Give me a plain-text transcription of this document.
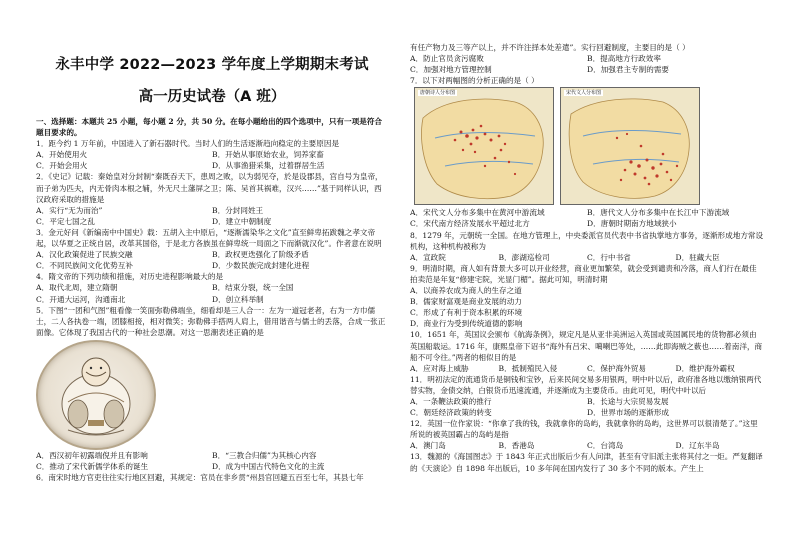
永丰中学 2022—2023 学年度上学期期末考试
高一历史试卷（A 班）

一、选择题：本题共 25 小题，每小题 2 分，共 50 分。在每小题给出的四个选项中，只有一项是符合题目要求的。

1．距今约 1 万年前，中国进入了新石器时代。当时人们的生活逐渐趋向稳定的主要原因是

A．开始使用火	B．开始从事原始农业，饲养家畜
C．开始会用火	D．从事渔猎采集，过着群居生活

2．《史记》记载：秦始皇对分封制“秦既吞天下，患周之败，以为弱见夺，於是设郡县，宫自号为皇帝，而子弟为匹夫，内无骨肉本根之辅，外无尺土藩屏之卫；陈、吴首其祸难，汉兴……”基于同样认识，西汉政府采取的措施是

A．实行“无为而治”	B．分封同姓王
C．平定七国之乱	D．建立中朝制度

3．金元好问《新编南中中国史》载：五胡入主中原后，“逐渐濡染华之文化”直至鲜卑拓跋魏之孝文帝起，以华夏之正统自居，改革其国俗，于是北方各族虽在鲜卑统一局面之下而渐就汉化”。作者意在说明

A．汉化政策促进了民族交融	B．政权更迭强化了阶级矛盾
C．不同民族间文化优势互补	D．少数民族完成封建化进程

4．隋文帝的下列功绩和措施，对历史进程影响最大的是

A．取代北周，建立隋朝	B．结束分裂，统一全国
C．开通大运河，沟通南北	D．创立科举制

5．下图“一团和气图”粗看像一笑面弥勒佛端坐，细看却是三人合一：左为一道冠老者，右为一方巾儒士，二人各执卷一端，团膝相接，相对微笑；弥勒佛手搭两人肩上，借用谐音与儒士的丢落，合成一张正面像。它体现了我国古代的一种社会思潮。对这一思潮表述正确的是

A．西汉初年初露端倪并且有影响	B．“三教合归儒”为其核心内容
C．推动了宋代新儒学体系的诞生	D．成为中国古代特色文化的主流

6．南宋时地方官吏往往实行地区回避，其规定：官员在非乡贯“州县官回避五百至七年，其县七年

有任产物力及三等产以上，并不许注择本处差遣”。实行回避制度，主要目的是（ ）

A．防止官员贪污腐败	B．提高地方行政效率
C．加强对地方管理控制	D．加强君主专制的需要

7．以下对两幅图的分析正确的是（ ）

唐朝诗人分布图	宋代文人分布图
A．宋代文人分布多集中在黄河中游流域	B．唐代文人分布多集中在长江中下游流域
C．宋代南方经济发展水平超过北方	D．唐朝时期南方地域狭小

8．1279 年，元朝统一全国。在地方管理上，中央委派官员代表中书省执掌地方事务，逐渐形成地方常设机构，这种机构被称为

A．宣政院	B．澎湖巡检司	C．行中书省	D．驻藏大臣

9．明清时期，商人如有背景大多可以开业经营，商业更加繁荣，就会受到谴责和冷落，商人们行在最佳拍卖范是年复“修建宅院，光显门楣”。据此可知，明清时期

A．以商养农成为商人的生存之道
B．儒家财富观是商业发展的动力
C．形成了有利于资本积累的环境
D．商业行为受到传统道德的影响

10．1651 年，英国议会颁布《航海条例》，规定凡是从亚非美洲运入英国或英国属民地的货物都必须由英国船载运。1716 年，康熙皇帝下诏书“海外有吕宋、噶喇巴等处，……此即海贼之薮也……着南洋，商船不可令往。”两者的相似目的是

A．应对海上威胁	B．抵制殖民入侵	C．保护海外贸易	D．维护海外霸权

11．明初法定的流通货币是铜钱和宝钞，后来民间交易多用银两，明中叶以后，政府准各地以缴纳银两代替实物，金债交纳，白银货币迅速流通，并逐渐成为主要货币。由此可见，明代中叶以后

A．一条鞭法政策的推行	B．长途与大宗贸易发展
C．朝廷经济政策的转变	D．世界市场的逐渐形成

12．英国一位作家说：“你拿了我的钱，我就拿你的岛屿，我就拿你的岛屿，这世界可以很清楚了。”这里所说的被英国霸占的岛屿是指

A．澳门岛	B．香港岛	C．台湾岛	D．辽东半岛

13．魏源的《海国图志》于 1843 年正式出版后少有人问津，甚至有守旧派主张将其付之一炬。严复翻译的《天演论》自 1898 年出版后，10 多年间在国内发行了 30 多个不同的版本。产生上
